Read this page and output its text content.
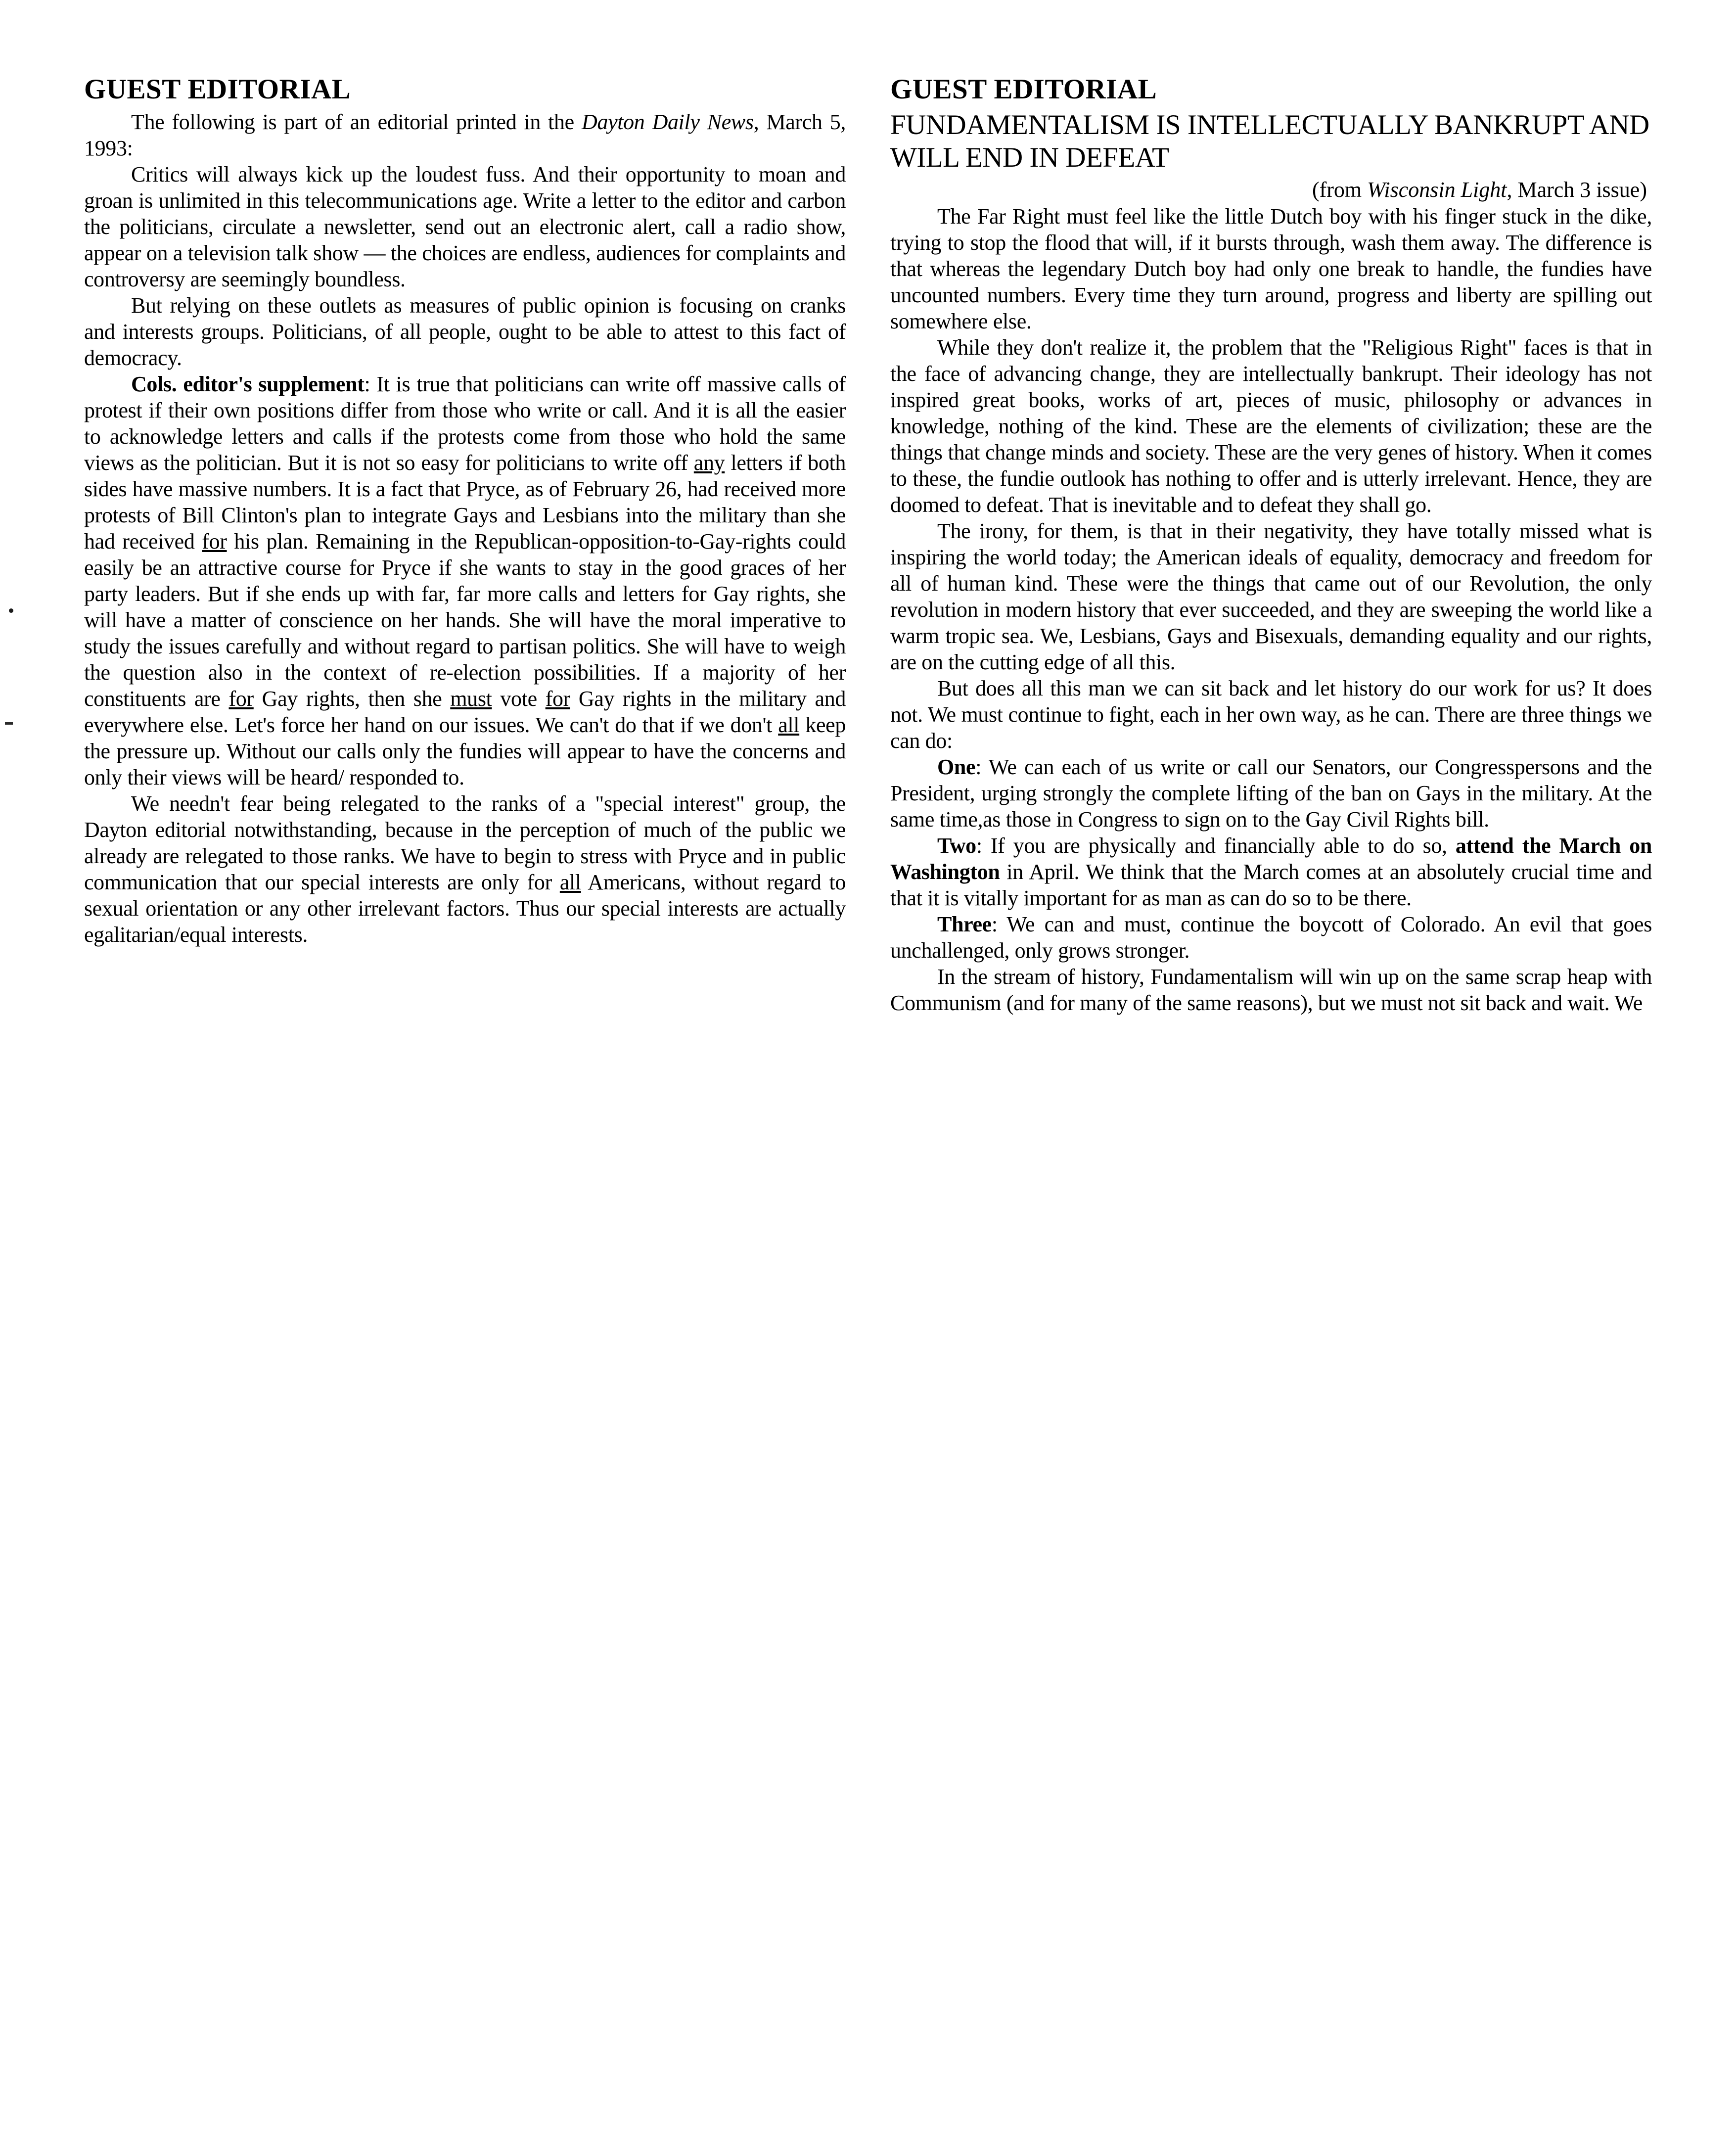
GUEST EDITORIAL

The following is part of an editorial printed in the Dayton Daily News, March 5, 1993:

Critics will always kick up the loudest fuss. And their opportunity to moan and groan is unlimited in this telecommunications age. Write a letter to the editor and carbon the politicians, circulate a newsletter, send out an electronic alert, call a radio show, appear on a television talk show — the choices are endless, audiences for complaints and controversy are seemingly boundless.

But relying on these outlets as measures of public opinion is focusing on cranks and interests groups. Politicians, of all people, ought to be able to attest to this fact of democracy.

Cols. editor's supplement: It is true that politicians can write off massive calls of protest if their own positions differ from those who write or call. And it is all the easier to acknowledge letters and calls if the protests come from those who hold the same views as the politician. But it is not so easy for politicians to write off any letters if both sides have massive numbers. It is a fact that Pryce, as of February 26, had received more protests of Bill Clinton's plan to integrate Gays and Lesbians into the military than she had received for his plan. Remaining in the Republican-opposition-to-Gay-rights could easily be an attractive course for Pryce if she wants to stay in the good graces of her party leaders. But if she ends up with far, far more calls and letters for Gay rights, she will have a matter of conscience on her hands. She will have the moral imperative to study the issues carefully and without regard to partisan politics. She will have to weigh the question also in the context of re-election possibilities. If a majority of her constituents are for Gay rights, then she must vote for Gay rights in the military and everywhere else. Let's force her hand on our issues. We can't do that if we don't all keep the pressure up. Without our calls only the fundies will appear to have the concerns and only their views will be heard/ responded to.

We needn't fear being relegated to the ranks of a "special interest" group, the Dayton editorial notwithstanding, because in the perception of much of the public we already are relegated to those ranks. We have to begin to stress with Pryce and in public communication that our special interests are only for all Americans, without regard to sexual orientation or any other irrelevant factors. Thus our special interests are actually egalitarian/equal interests.

GUEST EDITORIAL
FUNDAMENTALISM IS INTELLECTUALLY BANKRUPT AND WILL END IN DEFEAT

(from Wisconsin Light, March 3 issue)

The Far Right must feel like the little Dutch boy with his finger stuck in the dike, trying to stop the flood that will, if it bursts through, wash them away. The difference is that whereas the legendary Dutch boy had only one break to handle, the fundies have uncounted numbers. Every time they turn around, progress and liberty are spilling out somewhere else.

While they don't realize it, the problem that the "Religious Right" faces is that in the face of advancing change, they are intellectually bankrupt. Their ideology has not inspired great books, works of art, pieces of music, philosophy or advances in knowledge, nothing of the kind. These are the elements of civilization; these are the things that change minds and society. These are the very genes of history. When it comes to these, the fundie outlook has nothing to offer and is utterly irrelevant. Hence, they are doomed to defeat. That is inevitable and to defeat they shall go.

The irony, for them, is that in their negativity, they have totally missed what is inspiring the world today; the American ideals of equality, democracy and freedom for all of human kind. These were the things that came out of our Revolution, the only revolution in modern history that ever succeeded, and they are sweeping the world like a warm tropic sea. We, Lesbians, Gays and Bisexuals, demanding equality and our rights, are on the cutting edge of all this.

But does all this man we can sit back and let history do our work for us? It does not. We must continue to fight, each in her own way, as he can. There are three things we can do:

One: We can each of us write or call our Senators, our Congresspersons and the President, urging strongly the complete lifting of the ban on Gays in the military. At the same time,as those in Congress to sign on to the Gay Civil Rights bill.

Two: If you are physically and financially able to do so, attend the March on Washington in April. We think that the March comes at an absolutely crucial time and that it is vitally important for as man as can do so to be there.

Three: We can and must, continue the boycott of Colorado. An evil that goes unchallenged, only grows stronger.

In the stream of history, Fundamentalism will win up on the same scrap heap with Communism (and for many of the same reasons), but we must not sit back and wait. We
